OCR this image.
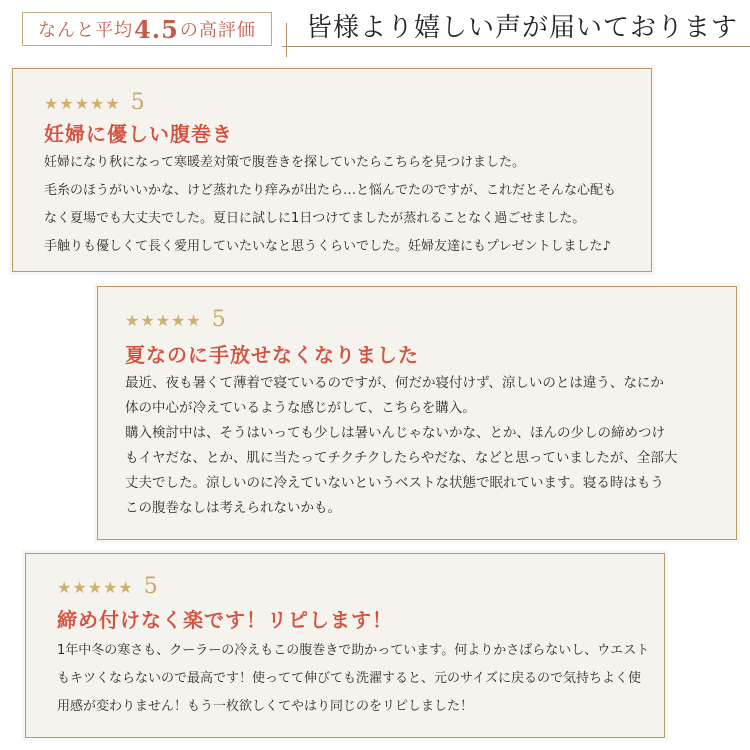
なんと平均 4.5 の高評価 皆様より嬉しい声が届いております
★★★★★ 5
妊婦に優しい腹巻き
妊婦になり秋になって寒暖差対策で腹巻きを探していたらこちらを見つけました。
毛糸のほうがいいかな、けど蒸れたり痒みが出たら…と悩んでたのですが、これだとそんな心配も
なく夏場でも大丈夫でした。夏日に試しに1日つけてましたが蒸れることなく過ごせました。
手触りも優しくて長く愛用していたいなと思うくらいでした。妊婦友達にもプレゼントしました♪
★★★★★ 5
夏なのに手放せなくなりました
最近、夜も暑くて薄着で寝ているのですが、何だか寝付けず、涼しいのとは違う、なにか
体の中心が冷えているような感じがして、こちらを購入。
購入検討中は、そうはいっても少しは暑いんじゃないかな、とか、ほんの少しの締めつけ
もイヤだな、とか、肌に当たってチクチクしたらやだな、などと思っていましたが、全部大
丈夫でした。涼しいのに冷えていないというベストな状態で眠れています。寝る時はもう
この腹巻なしは考えられないかも。
★★★★★ 5
締め付けなく楽です！リピします！
1年中冬の寒さも、クーラーの冷えもこの腹巻きで助かっています。何よりかさばらないし、ウエスト
もキツくならないので最高です！使ってて伸びても洗濯すると、元のサイズに戻るので気持ちよく使
用感が変わりません！もう一枚欲しくてやはり同じのをリピしました！
